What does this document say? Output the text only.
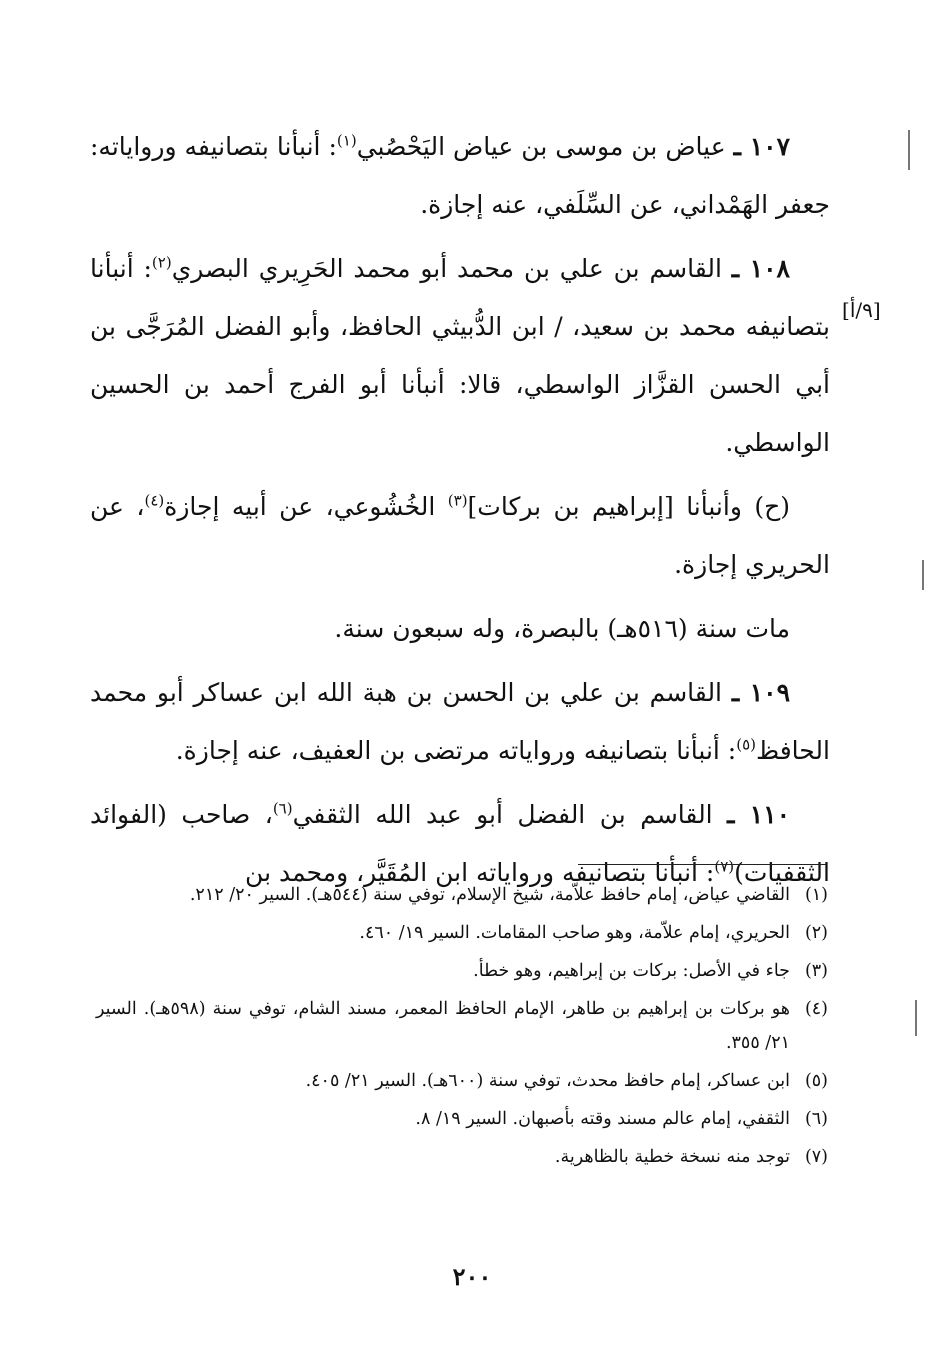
١٠٧ ـ عياض بن موسى بن عياض اليَحْصُبي$^{(١)}$: أنبأنا بتصانيفه ورواياته: جعفر الهَمْداني، عن السِّلَفي، عنه إجازة.

١٠٨ ـ القاسم بن علي بن محمد أبو محمد الحَرِيري البصري$^{(٢)}$: أنبأنا بتصانيفه محمد بن سعيد، / ابن الدُّبيثي الحافظ، وأبو الفضل المُرَجَّى بن أبي الحسن القزَّاز الواسطي، قالا: أنبأنا أبو الفرج أحمد بن الحسين الواسطي.

(ح) وأنبأنا [إبراهيم بن بركات]$^{(٣)}$ الخُشُوعي، عن أبيه إجازة$^{(٤)}$، عن الحريري إجازة.

مات سنة (٥١٦هـ) بالبصرة، وله سبعون سنة.

١٠٩ ـ القاسم بن علي بن الحسن بن هبة الله ابن عساكر أبو محمد الحافظ$^{(٥)}$: أنبأنا بتصانيفه ورواياته مرتضى بن العفيف، عنه إجازة.

١١٠ ـ القاسم بن الفضل أبو عبد الله الثقفي$^{(٦)}$، صاحب (الفوائد الثقفيات)$^{(٧)}$: أنبأنا بتصانيفه ورواياته ابن المُقَيَّر، ومحمد بن

[٩/أ]

(١)
القاضي عياض، إمام حافظ علاّمة، شيخ الإسلام، توفي سنة (٥٤٤هـ). السير ٢٠/ ٢١٢.

(٢)
الحريري، إمام علاّمة، وهو صاحب المقامات. السير ١٩/ ٤٦٠.

(٣)
جاء في الأصل: بركات بن إبراهيم، وهو خطأ.

(٤)
هو بركات بن إبراهيم بن طاهر، الإمام الحافظ المعمر، مسند الشام، توفي سنة (٥٩٨هـ). السير ٢١/ ٣٥٥.

(٥)
ابن عساكر، إمام حافظ محدث، توفي سنة (٦٠٠هـ). السير ٢١/ ٤٠٥.

(٦)
الثقفي، إمام عالم مسند وقته بأصبهان. السير ١٩/ ٨.

(٧)
توجد منه نسخة خطية بالظاهرية.

٢٠٠
